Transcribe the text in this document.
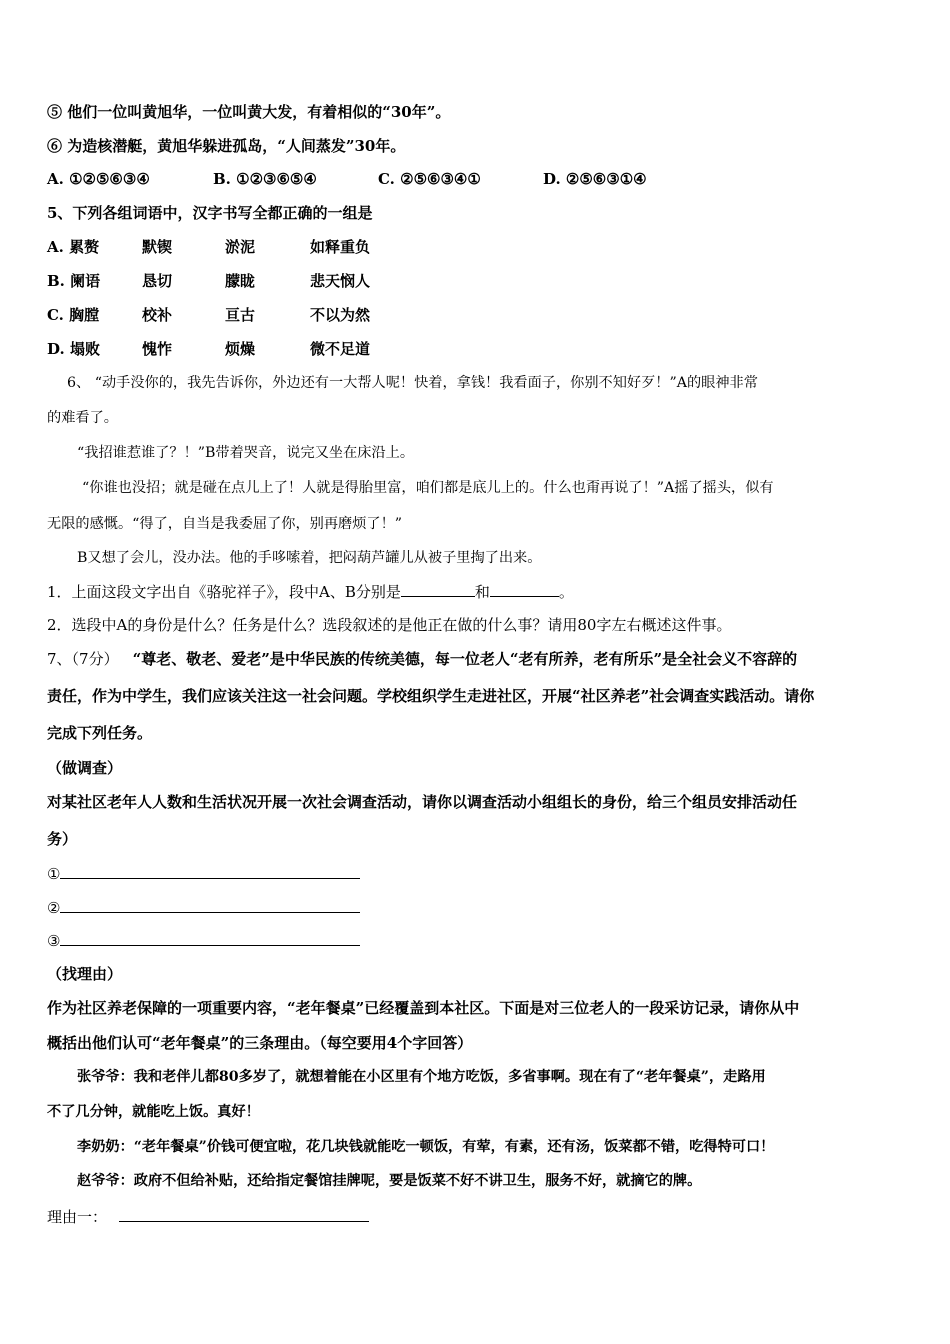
⑤ 他们一位叫黄旭华，一位叫黄大发，有着相似的“30年”。
⑥ 为造核潜艇，黄旭华躲进孤岛，“人间蒸发”30年。
A. ①②⑤⑥③④	B. ①②③⑥⑤④	C. ②⑤⑥③④①	D. ②⑤⑥③①④
5、下列各组词语中，汉字书写全都正确的一组是
A. 累赘	默锲	淤泥	如释重负
B. 阑语	恳切	朦眬	悲天悯人
C. 胸膛	校补	亘古	不以为然
D. 塌败	愧怍	烦燥	微不足道
6、 “动手没你的，我先告诉你，外边还有一大帮人呢！快着，拿钱！我看面子，你别不知好歹！”A的眼神非常
的难看了。
“我招谁惹谁了？！”B带着哭音，说完又坐在床沿上。
“你谁也没招；就是碰在点儿上了！人就是得胎里富，咱们都是底儿上的。什么也甭再说了！”A摇了摇头，似有
无限的感慨。“得了，自当是我委屈了你，别再磨烦了！”
B又想了会儿，没办法。他的手哆嗦着，把闷葫芦罐儿从被子里掏了出来。
1．上面这段文字出自《骆驼祥子》，段中A、B分别是	和	。
2．选段中A的身份是什么？任务是什么？选段叙述的是他正在做的什么事？请用80字左右概述这件事。
7、（7分） “尊老、敬老、爱老”是中华民族的传统美德，每一位老人“老有所养，老有所乐”是全社会义不容辞的
责任，作为中学生，我们应该关注这一社会问题。学校组织学生走进社区，开展“社区养老”社会调查实践活动。请你
完成下列任务。
（做调查）
对某社区老年人人数和生活状况开展一次社会调查活动，请你以调查活动小组组长的身份，给三个组员安排活动任
务）
①
②
③
（找理由）
作为社区养老保障的一项重要内容，“老年餐桌”已经覆盖到本社区。下面是对三位老人的一段采访记录，请你从中
概括出他们认可“老年餐桌”的三条理由。（每空要用4个字回答）
张爷爷：我和老伴儿都80多岁了，就想着能在小区里有个地方吃饭，多省事啊。现在有了“老年餐桌”，走路用
不了几分钟，就能吃上饭。真好！
李奶奶：“老年餐桌”价钱可便宜啦，花几块钱就能吃一顿饭，有荤，有素，还有汤，饭菜都不错，吃得特可口！
赵爷爷：政府不但给补贴，还给指定餐馆挂牌呢，要是饭菜不好不讲卫生，服务不好，就摘它的牌。
理由一：
